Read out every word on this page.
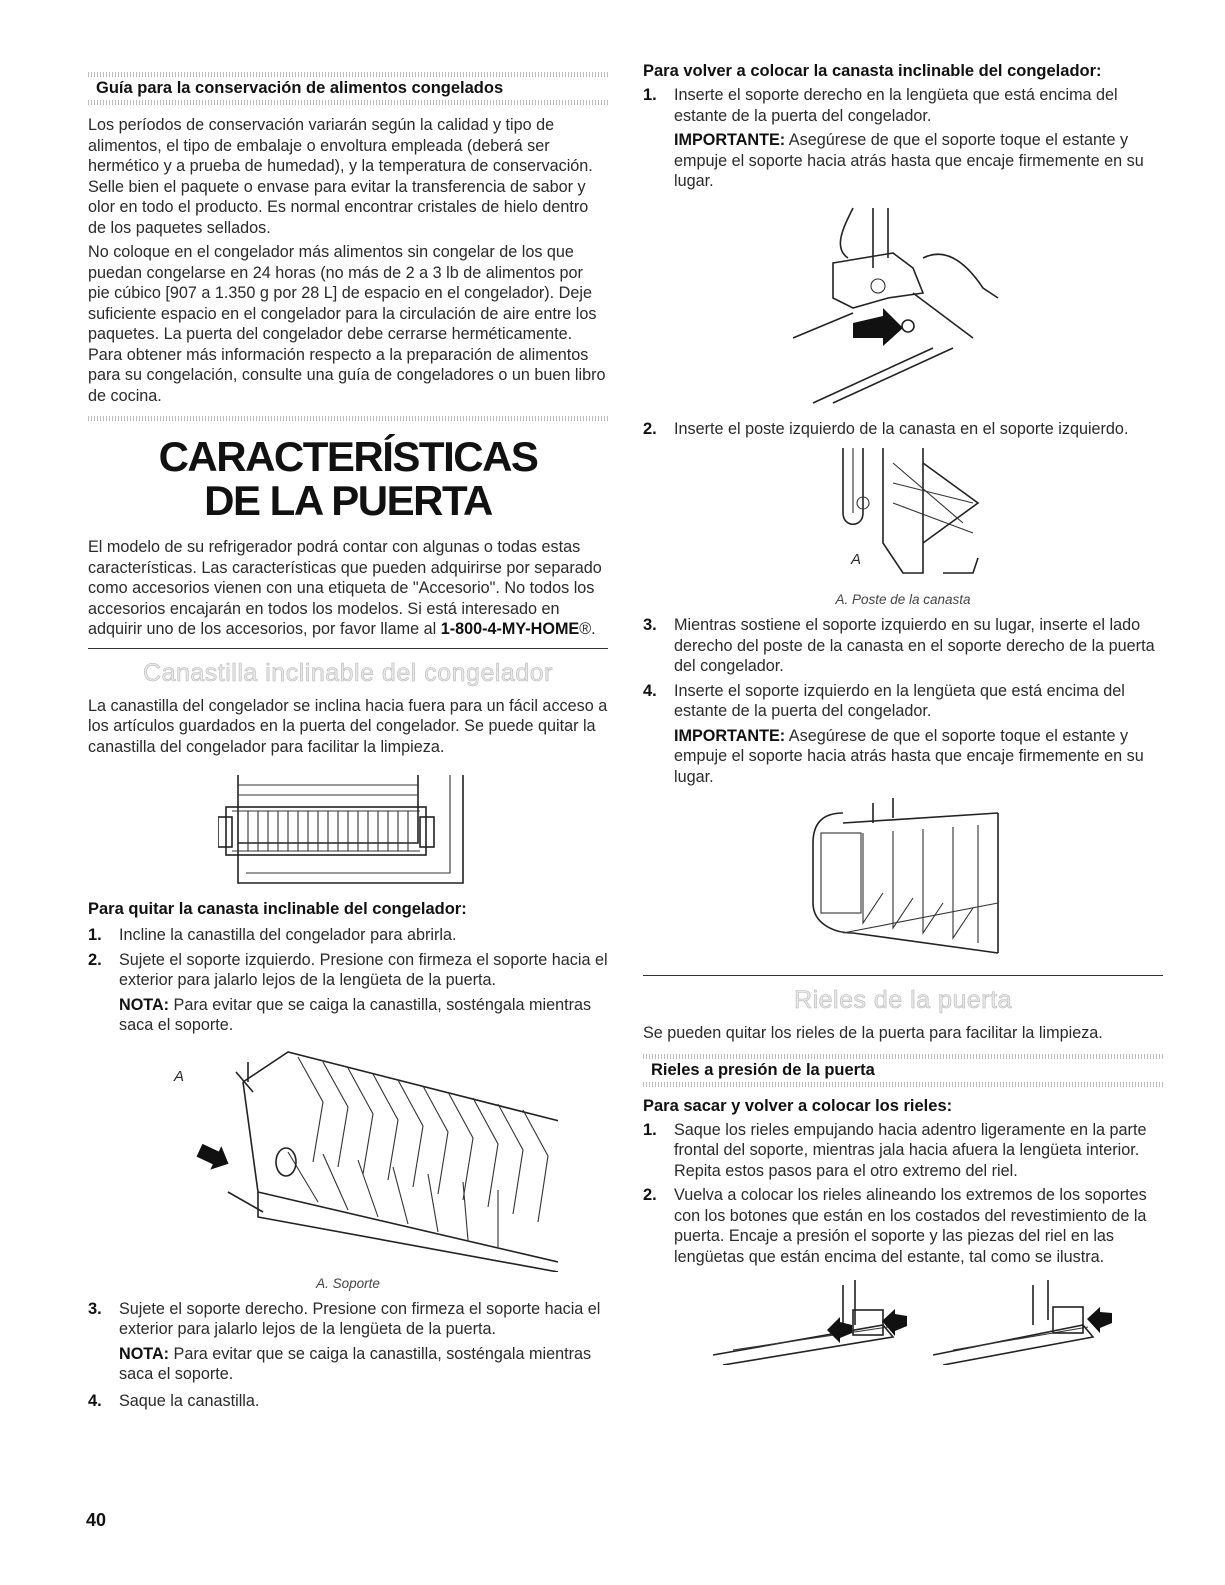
Guía para la conservación de alimentos congelados

Los períodos de conservación variarán según la calidad y tipo de alimentos, el tipo de embalaje o envoltura empleada (deberá ser hermético y a prueba de humedad), y la temperatura de conservación. Selle bien el paquete o envase para evitar la transferencia de sabor y olor en todo el producto. Es normal encontrar cristales de hielo dentro de los paquetes sellados.

No coloque en el congelador más alimentos sin congelar de los que puedan congelarse en 24 horas (no más de 2 a 3 lb de alimentos por pie cúbico [907 a 1.350 g por 28 L] de espacio en el congelador). Deje suficiente espacio en el congelador para la circulación de aire entre los paquetes. La puerta del congelador debe cerrarse herméticamente. Para obtener más información respecto a la preparación de alimentos para su congelación, consulte una guía de congeladores o un buen libro de cocina.

CARACTERÍSTICAS
DE LA PUERTA

El modelo de su refrigerador podrá contar con algunas o todas estas características. Las características que pueden adquirirse por separado como accesorios vienen con una etiqueta de "Accesorio". No todos los accesorios encajarán en todos los modelos. Si está interesado en adquirir uno de los accesorios, por favor llame al 1-800-4-MY-HOME®.

Canastilla inclinable del congelador

La canastilla del congelador se inclina hacia fuera para un fácil acceso a los artículos guardados en la puerta del congelador. Se puede quitar la canastilla del congelador para facilitar la limpieza.

Para quitar la canasta inclinable del congelador:
1. Incline la canastilla del congelador para abrirla.

2. Sujete el soporte izquierdo. Presione con firmeza el soporte hacia el exterior para jalarlo lejos de la lengüeta de la puerta.

NOTA: Para evitar que se caiga la canastilla, sosténgala mientras saca el soporte.

A
A. Soporte
3. Sujete el soporte derecho. Presione con firmeza el soporte hacia el exterior para jalarlo lejos de la lengüeta de la puerta.

NOTA: Para evitar que se caiga la canastilla, sosténgala mientras saca el soporte.

4. Saque la canastilla.

Para volver a colocar la canasta inclinable del congelador:
1. Inserte el soporte derecho en la lengüeta que está encima del estante de la puerta del congelador.

IMPORTANTE: Asegúrese de que el soporte toque el estante y empuje el soporte hacia atrás hasta que encaje firmemente en su lugar.

2. Inserte el poste izquierdo de la canasta en el soporte izquierdo.

A
A. Poste de la canasta
3. Mientras sostiene el soporte izquierdo en su lugar, inserte el lado derecho del poste de la canasta en el soporte derecho de la puerta del congelador.

4. Inserte el soporte izquierdo en la lengüeta que está encima del estante de la puerta del congelador.

IMPORTANTE: Asegúrese de que el soporte toque el estante y empuje el soporte hacia atrás hasta que encaje firmemente en su lugar.

Rieles de la puerta

Se pueden quitar los rieles de la puerta para facilitar la limpieza.

Rieles a presión de la puerta
Para sacar y volver a colocar los rieles:
1. Saque los rieles empujando hacia adentro ligeramente en la parte frontal del soporte, mientras jala hacia afuera la lengüeta interior. Repita estos pasos para el otro extremo del riel.

2. Vuelva a colocar los rieles alineando los extremos de los soportes con los botones que están en los costados del revestimiento de la puerta. Encaje a presión el soporte y las piezas del riel en las lengüetas que están encima del estante, tal como se ilustra.

40
